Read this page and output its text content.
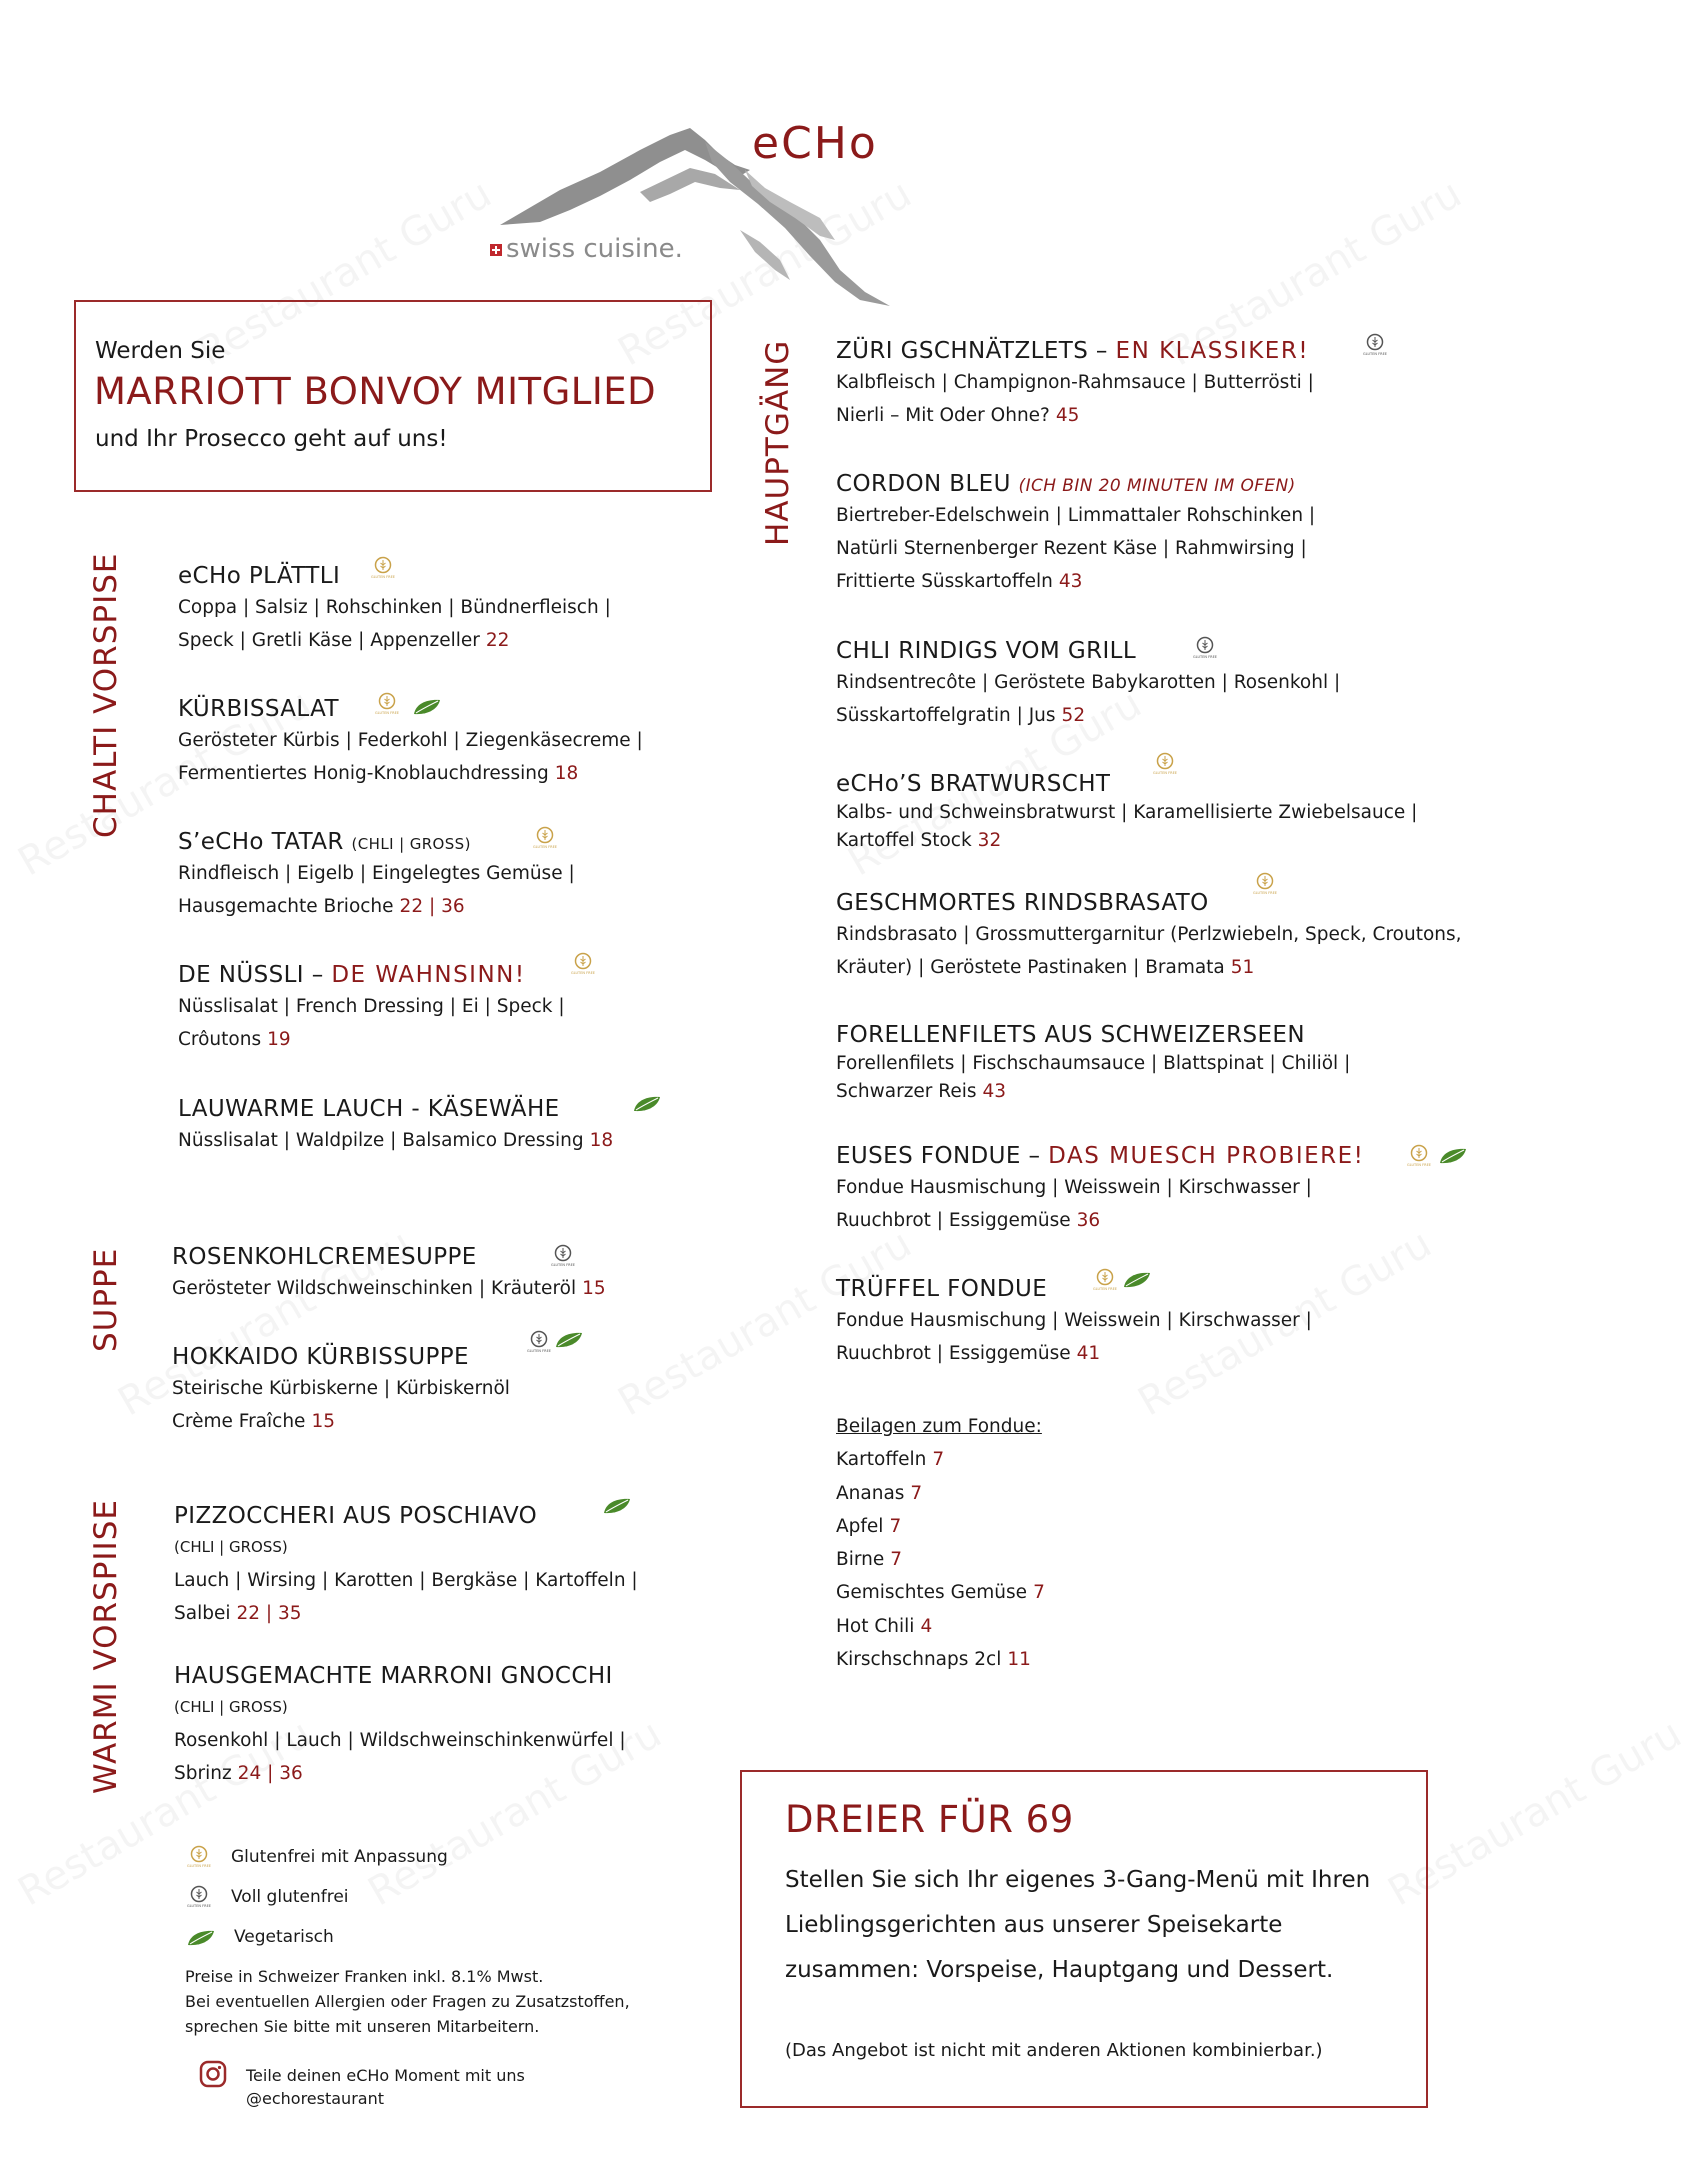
eCHo
swiss cuisine.
Werden Sie
MARRIOTT BONVOY MITGLIED
und Ihr Prosecco geht auf uns!
CHALTI VORSPISE
SUPPE
WARMI VORSPIISE
HAUPTGÄNG
eCHo PLÄTTLI
Coppa | Salsiz | Rohschinken | Bündnerfleisch |
Speck | Gretli Käse | Appenzeller 22
KÜRBISSALAT
Gerösteter Kürbis | Federkohl | Ziegenkäsecreme |
Fermentiertes Honig-Knoblauchdressing 18
S’eCHo TATAR (CHLI | GROSS)
Rindfleisch | Eigelb | Eingelegtes Gemüse |
Hausgemachte Brioche 22 | 36
DE NÜSSLI – DE WAHNSINN!
Nüsslisalat | French Dressing | Ei | Speck |
Crôutons 19
LAUWARME LAUCH - KÄSEWÄHE
Nüsslisalat | Waldpilze | Balsamico Dressing 18
ROSENKOHLCREMESUPPE
Gerösteter Wildschweinschinken | Kräuteröl 15
HOKKAIDO KÜRBISSUPPE
Steirische Kürbiskerne | Kürbiskernöl
Crème Fraîche 15
PIZZOCCHERI AUS POSCHIAVO
(CHLI | GROSS)
Lauch | Wirsing | Karotten | Bergkäse | Kartoffeln |
Salbei 22 | 35
HAUSGEMACHTE MARRONI GNOCCHI
(CHLI | GROSS)
Rosenkohl | Lauch | Wildschweinschinkenwürfel |
Sbrinz 24 | 36
ZÜRI GSCHNÄTZLETS – EN KLASSIKER!
Kalbfleisch | Champignon-Rahmsauce | Butterrösti |
Nierli – Mit Oder Ohne? 45
CORDON BLEU (ICH BIN 20 MINUTEN IM OFEN)
Biertreber-Edelschwein | Limmattaler Rohschinken |
Natürli Sternenberger Rezent Käse | Rahmwirsing |
Frittierte Süsskartoffeln 43
CHLI RINDIGS VOM GRILL
Rindsentrecôte | Geröstete Babykarotten | Rosenkohl |
Süsskartoffelgratin | Jus 52
eCHo’S BRATWURSCHT
Kalbs- und Schweinsbratwurst | Karamellisierte Zwiebelsauce |
Kartoffel Stock 32
GESCHMORTES RINDSBRASATO
Rindsbrasato | Grossmuttergarnitur (Perlzwiebeln, Speck, Croutons,
Kräuter) | Geröstete Pastinaken | Bramata 51
FORELLENFILETS AUS SCHWEIZERSEEN
Forellenfilets | Fischschaumsauce | Blattspinat | Chiliöl |
Schwarzer Reis 43
EUSES FONDUE – DAS MUESCH PROBIERE!
Fondue Hausmischung | Weisswein | Kirschwasser |
Ruuchbrot | Essiggemüse 36
TRÜFFEL FONDUE
Fondue Hausmischung | Weisswein | Kirschwasser |
Ruuchbrot | Essiggemüse 41
Beilagen zum Fondue:
Kartoffeln 7
Ananas 7
Apfel 7
Birne 7
Gemischtes Gemüse 7
Hot Chili 4
Kirschschnaps 2cl 11
GLUTEN FREE
GLUTEN FREE
GLUTEN FREE
GLUTEN FREE
GLUTEN FREE
GLUTEN FREE
GLUTEN FREE
GLUTEN FREE
GLUTEN FREE
GLUTEN FREE
GLUTEN FREE
GLUTEN FREE
GLUTEN FREE Glutenfrei mit Anpassung
GLUTEN FREE Voll glutenfrei
Vegetarisch
Preise in Schweizer Franken inkl. 8.1% Mwst.
Bei eventuellen Allergien oder Fragen zu Zusatzstoffen,
sprechen Sie bitte mit unseren Mitarbeitern.
Teile deinen eCHo Moment mit uns
@echorestaurant
DREIER FÜR 69
Stellen Sie sich Ihr eigenes 3-Gang-Menü mit Ihren
Lieblingsgerichten aus unserer Speisekarte
zusammen: Vorspeise, Hauptgang und Dessert.
(Das Angebot ist nicht mit anderen Aktionen kombinierbar.)
